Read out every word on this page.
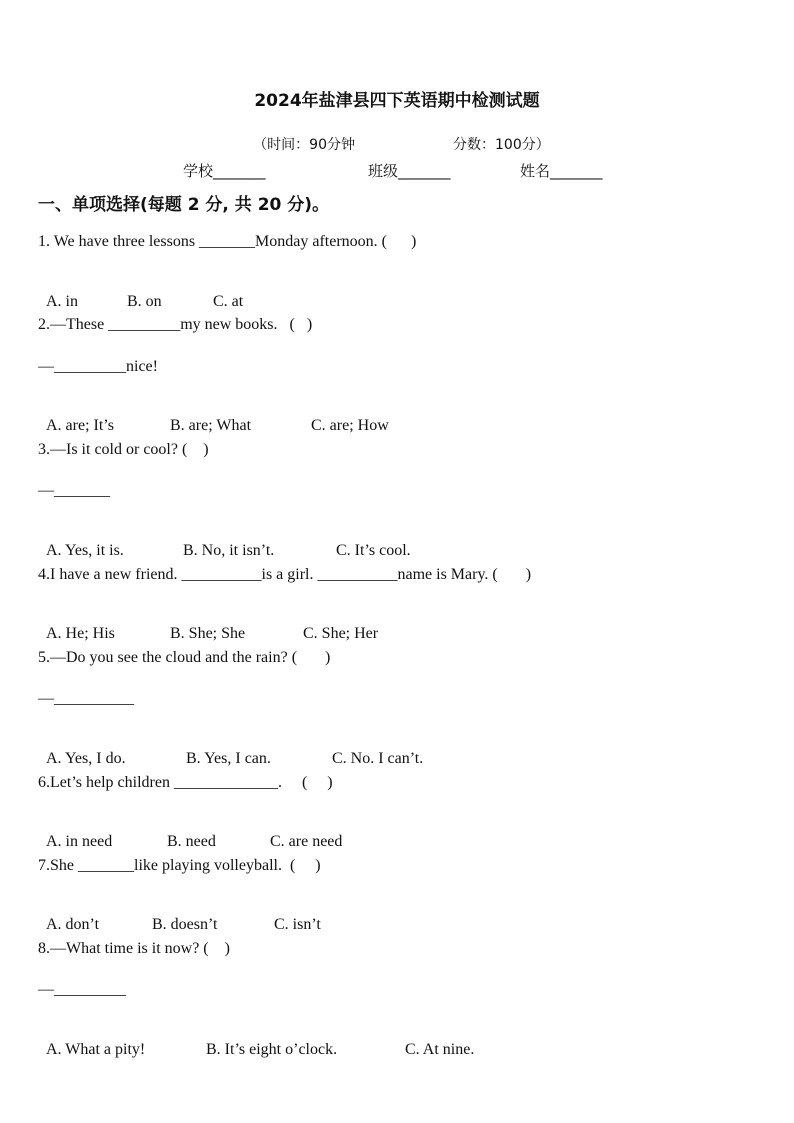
2024年盐津县四下英语期中检测试题

（时间：90分钟	分数：100分）

学校_______	班级_______	姓名_______
一、单项选择(每题 2 分, 共 20 分)。
1. We have three lessons _______Monday afternoon. (      )

A. in	B. on	C. at

2.—These _________my new books.   (   )
—_________nice!

A. are; It’s	B. are; What	C. are; How

3.—Is it cold or cool? (    )
—_______

A. Yes, it is.	B. No, it isn’t.	C. It’s cool.

4.I have a new friend. __________is a girl. __________name is Mary. (       )

A. He; His	B. She; She	C. She; Her

5.—Do you see the cloud and the rain? (       )
—__________

A. Yes, I do.	B. Yes, I can.	C. No. I can’t.

6.Let’s help children _____________.     (     )

A. in need	B. need	C. are need

7.She _______like playing volleyball.  (     )

A. don’t	B. doesn’t	C. isn’t

8.—What time is it now? (    )
—_________

A. What a pity!	B. It’s eight o’clock.	C. At nine.
